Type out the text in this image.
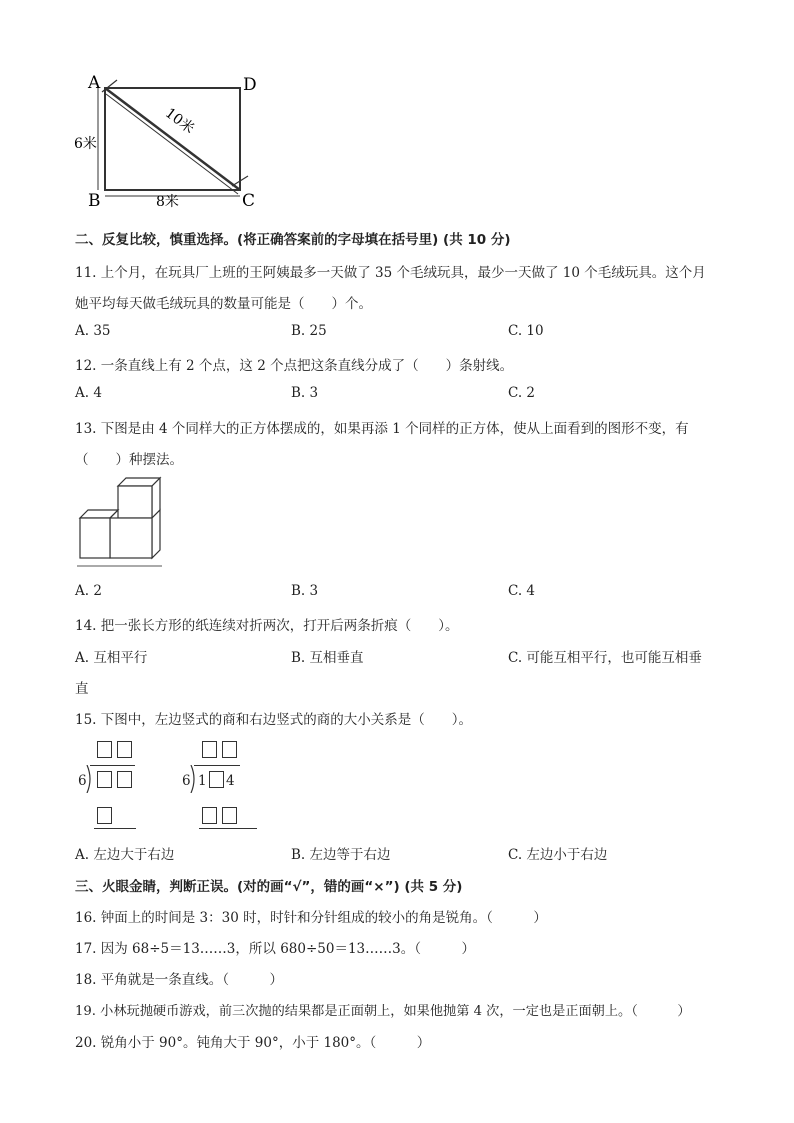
A	D
B	C
6米
8米
10米
二、反复比较，慎重选择。(将正确答案前的字母填在括号里) (共 10 分)
11. 上个月，在玩具厂上班的王阿姨最多一天做了 35 个毛绒玩具，最少一天做了 10 个毛绒玩具。这个月
她平均每天做毛绒玩具的数量可能是（　　）个。
A. 35	B. 25	C. 10
12. 一条直线上有 2 个点，这 2 个点把这条直线分成了（　　）条射线。
A. 4	B. 3	C. 2
13. 下图是由 4 个同样大的正方体摆成的，如果再添 1 个同样的正方体，使从上面看到的图形不变，有
（　　）种摆法。
A. 2	B. 3	C. 4
14. 把一张长方形的纸连续对折两次，打开后两条折痕（　　）。
A. 互相平行	B. 互相垂直	C. 可能互相平行，也可能互相垂
直
15. 下图中，左边竖式的商和右边竖式的商的大小关系是（　　）。
6	6 1 4
A. 左边大于右边	B. 左边等于右边	C. 左边小于右边
三、火眼金睛，判断正误。(对的画“√”，错的画“×”) (共 5 分)
16. 钟面上的时间是 3：30 时，时针和分针组成的较小的角是锐角。（　　　）
17. 因为 68÷5＝13……3，所以 680÷50＝13……3。（　　　）
18. 平角就是一条直线。（　　　）
19. 小林玩抛硬币游戏，前三次抛的结果都是正面朝上，如果他抛第 4 次，一定也是正面朝上。（　　　）
20. 锐角小于 90°。钝角大于 90°，小于 180°。（　　　）
